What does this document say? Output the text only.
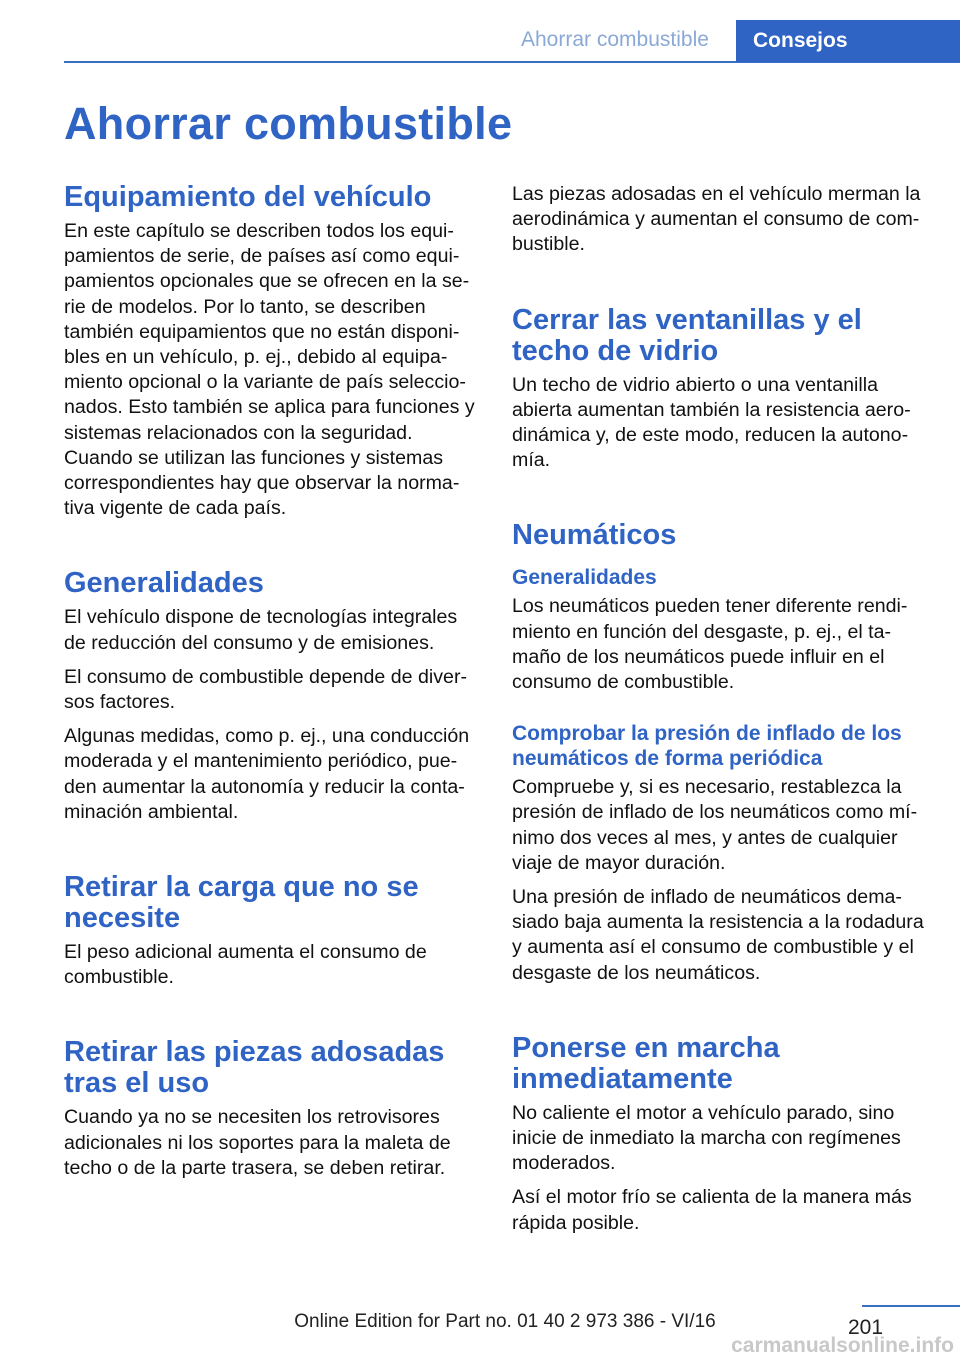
Ahorrar combustible Consejos
Ahorrar combustible
Equipamiento del vehículo

En este capítulo se describen todos los equi-pamientos de serie, de países así como equi-pamientos opcionales que se ofrecen en la se-rie de modelos. Por lo tanto, se describen también equipamientos que no están disponi-bles en un vehículo, p. ej., debido al equipa-miento opcional o la variante de país seleccio-nados. Esto también se aplica para funciones y sistemas relacionados con la seguridad. Cuando se utilizan las funciones y sistemas correspondientes hay que observar la norma-tiva vigente de cada país.

Generalidades

El vehículo dispone de tecnologías integrales de reducción del consumo y de emisiones.

El consumo de combustible depende de diver-sos factores.

Algunas medidas, como p. ej., una conducción moderada y el mantenimiento periódico, pue-den aumentar la autonomía y reducir la conta-minación ambiental.

Retirar la carga que no se necesite

El peso adicional aumenta el consumo de combustible.

Retirar las piezas adosadas tras el uso

Cuando ya no se necesiten los retrovisores adicionales ni los soportes para la maleta de techo o de la parte trasera, se deben retirar.

Las piezas adosadas en el vehículo merman la aerodinámica y aumentan el consumo de com-bustible.

Cerrar las ventanillas y el techo de vidrio

Un techo de vidrio abierto o una ventanilla abierta aumentan también la resistencia aero-dinámica y, de este modo, reducen la autono-mía.

Neumáticos
Generalidades

Los neumáticos pueden tener diferente rendi-miento en función del desgaste, p. ej., el ta-maño de los neumáticos puede influir en el consumo de combustible.

Comprobar la presión de inflado de los neumáticos de forma periódica

Compruebe y, si es necesario, restablezca la presión de inflado de los neumáticos como mí-nimo dos veces al mes, y antes de cualquier viaje de mayor duración.

Una presión de inflado de neumáticos dema-siado baja aumenta la resistencia a la rodadura y aumenta así el consumo de combustible y el desgaste de los neumáticos.

Ponerse en marcha inmediatamente

No caliente el motor a vehículo parado, sino inicie de inmediato la marcha con regímenes moderados.

Así el motor frío se calienta de la manera más rápida posible.

201
Online Edition for Part no. 01 40 2 973 386 - VI/16
carmanualsonline.info
